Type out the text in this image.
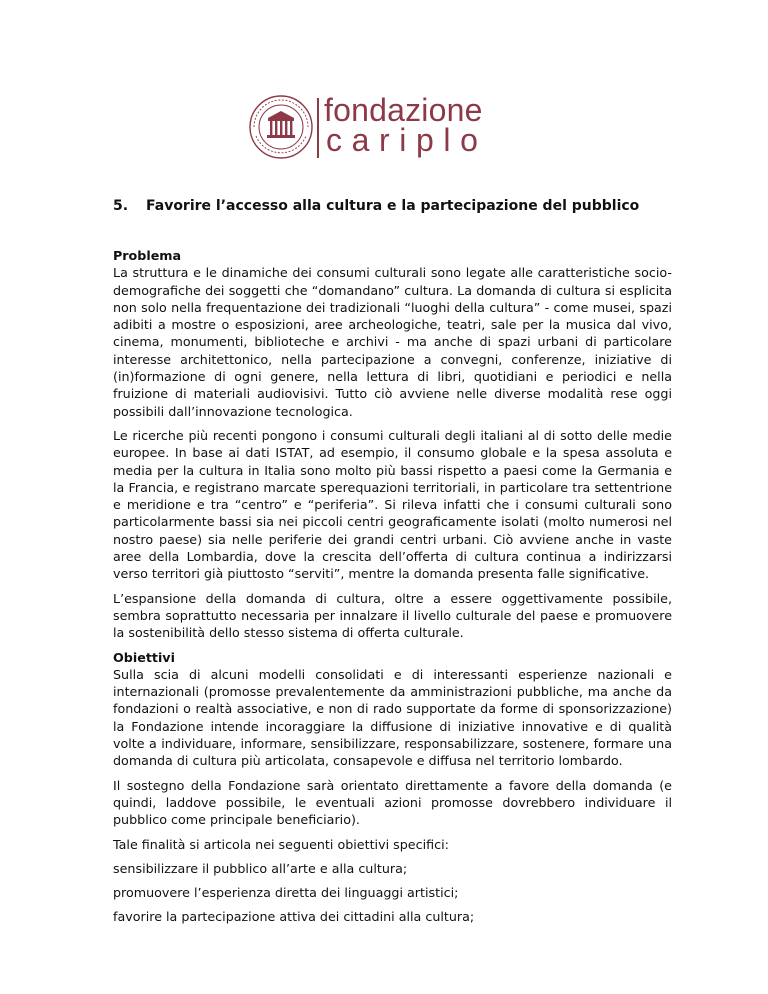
fondazione
cariplo
5. Favorire l’accesso alla cultura e la partecipazione del pubblico

Problema

La struttura e le dinamiche dei consumi culturali sono legate alle caratteristiche socio-demografiche dei soggetti che “domandano” cultura. La domanda di cultura si esplicita non solo nella frequentazione dei tradizionali “luoghi della cultura” - come musei, spazi adibiti a mostre o esposizioni, aree archeologiche, teatri, sale per la musica dal vivo, cinema, monumenti, biblioteche e archivi - ma anche di spazi urbani di particolare interesse architettonico, nella partecipazione a convegni, conferenze, iniziative di (in)formazione di ogni genere, nella lettura di libri, quotidiani e periodici e nella fruizione di materiali audiovisivi. Tutto ciò avviene nelle diverse modalità rese oggi possibili dall’innovazione tecnologica.

Le ricerche più recenti pongono i consumi culturali degli italiani al di sotto delle medie europee. In base ai dati ISTAT, ad esempio, il consumo globale e la spesa assoluta e media per la cultura in Italia sono molto più bassi rispetto a paesi come la Germania e la Francia, e registrano marcate sperequazioni territoriali, in particolare tra settentrione e meridione e tra “centro” e “periferia”. Si rileva infatti che i consumi culturali sono particolarmente bassi sia nei piccoli centri geograficamente isolati (molto numerosi nel nostro paese) sia nelle periferie dei grandi centri urbani. Ciò avviene anche in vaste aree della Lombardia, dove la crescita dell’offerta di cultura continua a indirizzarsi verso territori già piuttosto “serviti”, mentre la domanda presenta falle significative.

L’espansione della domanda di cultura, oltre a essere oggettivamente possibile, sembra soprattutto necessaria per innalzare il livello culturale del paese e promuovere la sostenibilità dello stesso sistema di offerta culturale.

Obiettivi

Sulla scia di alcuni modelli consolidati e di interessanti esperienze nazionali e internazionali (promosse prevalentemente da amministrazioni pubbliche, ma anche da fondazioni o realtà associative, e non di rado supportate da forme di sponsorizzazione) la Fondazione intende incoraggiare la diffusione di iniziative innovative e di qualità volte a individuare, informare, sensibilizzare, responsabilizzare, sostenere, formare una domanda di cultura più articolata, consapevole e diffusa nel territorio lombardo.

Il sostegno della Fondazione sarà orientato direttamente a favore della domanda (e quindi, laddove possibile, le eventuali azioni promosse dovrebbero individuare il pubblico come principale beneficiario).

Tale finalità si articola nei seguenti obiettivi specifici:

sensibilizzare il pubblico all’arte e alla cultura;

promuovere l’esperienza diretta dei linguaggi artistici;

favorire la partecipazione attiva dei cittadini alla cultura;
